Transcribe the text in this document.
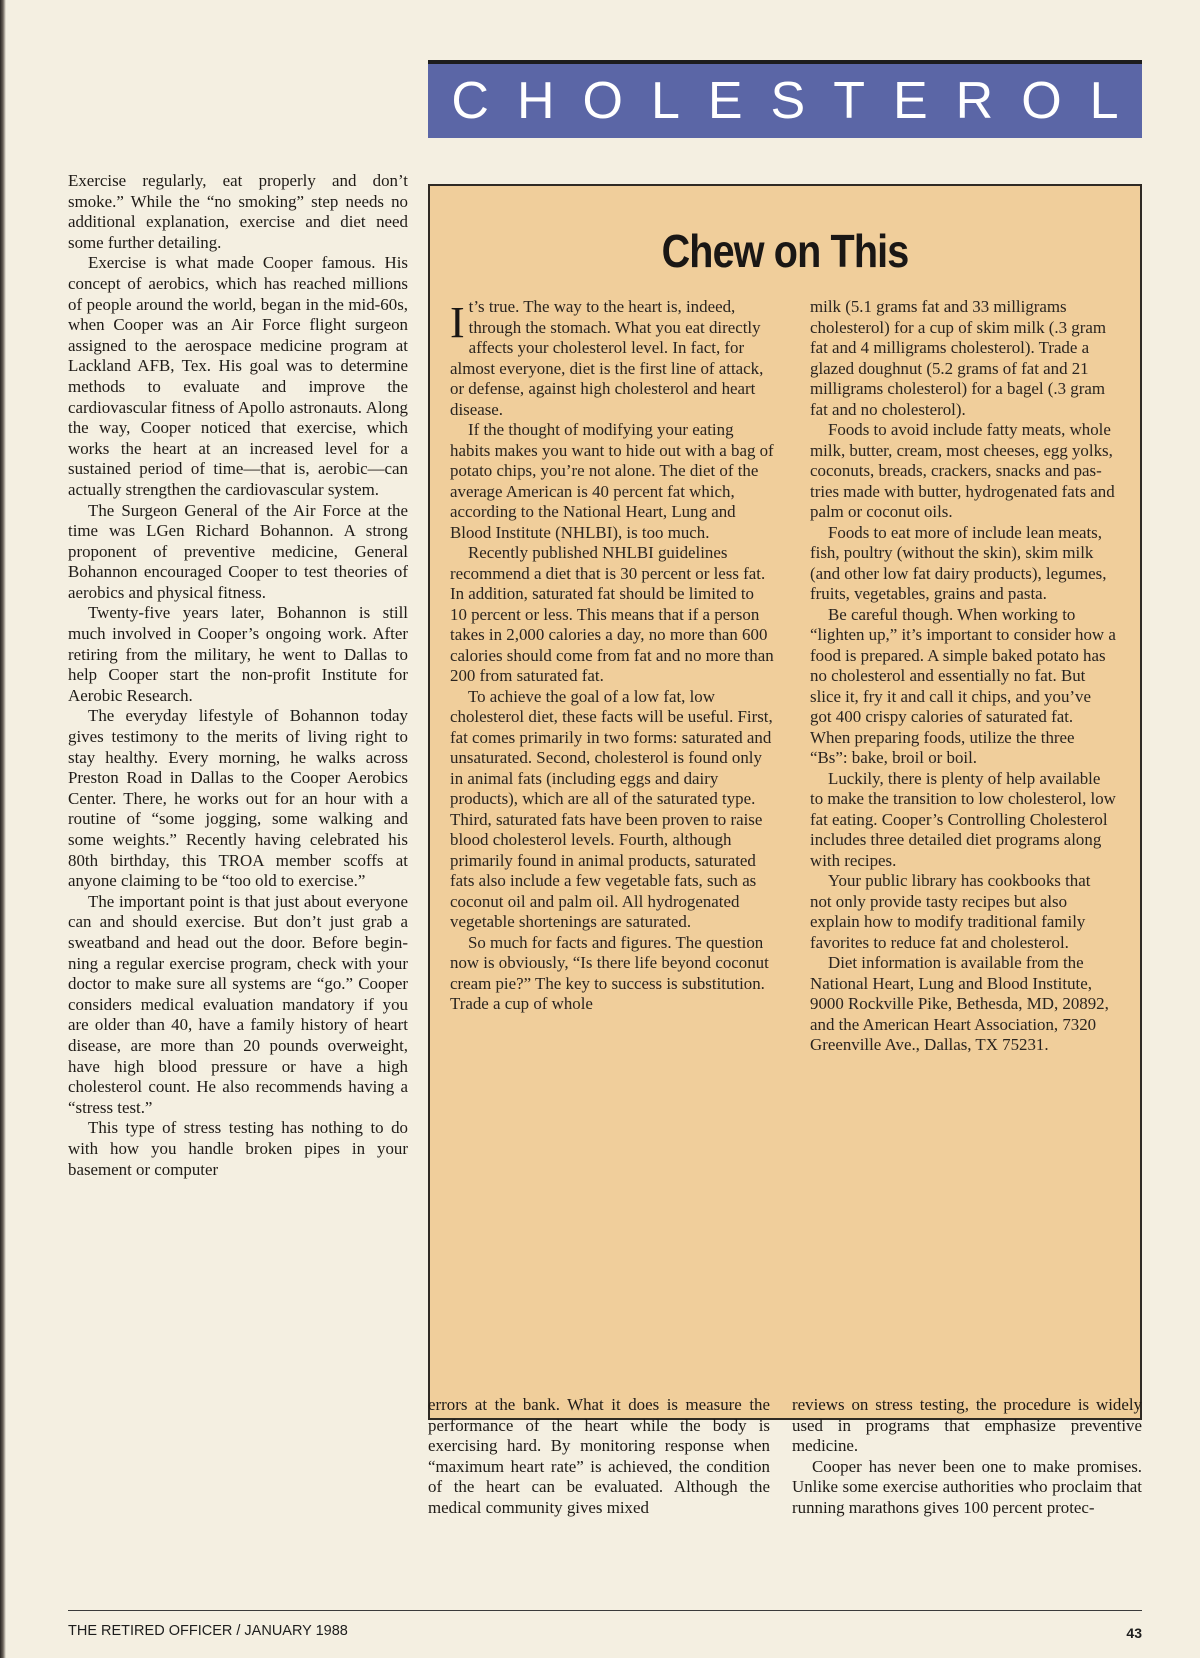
CHOLESTEROL

Exercise regularly, eat properly and don’t smoke.” While the “no smoking” step needs no additional explanation, exercise and diet need some further detailing.

Exercise is what made Cooper famous. His concept of aerobics, which has reached millions of people around the world, began in the mid-60s, when Cooper was an Air Force flight surgeon assigned to the aerospace medicine program at Lackland AFB, Tex. His goal was to determine methods to evaluate and improve the cardiovascular fitness of Apollo astronauts. Along the way, Cooper noticed that exercise, which works the heart at an increased level for a sustained period of time—that is, aerobic—can actually strengthen the cardiovascular system.

The Surgeon General of the Air Force at the time was LGen Richard Bohannon. A strong proponent of preventive medicine, General Bohannon encouraged Cooper to test theories of aerobics and physical fitness.

Twenty-five years later, Bohannon is still much involved in Cooper’s ongoing work. After retiring from the military, he went to Dallas to help Cooper start the non-profit Institute for Aerobic Research.

The everyday lifestyle of Bohannon today gives testimony to the merits of living right to stay healthy. Every morning, he walks across Preston Road in Dallas to the Cooper Aerobics Center. There, he works out for an hour with a routine of “some jogging, some walking and some weights.” Recently having celebrated his 80th birthday, this TROA member scoffs at anyone claiming to be “too old to exercise.”

The important point is that just about everyone can and should exercise. But don’t just grab a sweatband and head out the door. Before beginning a regular exercise program, check with your doctor to make sure all systems are “go.” Cooper considers medical evaluation mandatory if you are older than 40, have a family history of heart disease, are more than 20 pounds overweight, have high blood pressure or have a high cholesterol count. He also recommends having a “stress test.”

This type of stress testing has nothing to do with how you handle broken pipes in your basement or computer

Chew on This

It’s true. The way to the heart is, indeed, through the stomach. What you eat directly affects your cholesterol level. In fact, for almost everyone, diet is the first line of attack, or defense, against high cholesterol and heart disease.

If the thought of modifying your eating habits makes you want to hide out with a bag of potato chips, you’re not alone. The diet of the average American is 40 percent fat which, according to the National Heart, Lung and Blood Institute (NHLBI), is too much.

Recently published NHLBI guidelines recommend a diet that is 30 percent or less fat. In addition, saturated fat should be limited to 10 percent or less. This means that if a person takes in 2,000 calories a day, no more than 600 calories should come from fat and no more than 200 from saturated fat.

To achieve the goal of a low fat, low cholesterol diet, these facts will be useful. First, fat comes primarily in two forms: saturated and unsaturated. Second, cholesterol is found only in animal fats (including eggs and dairy products), which are all of the saturated type. Third, saturated fats have been proven to raise blood cholesterol levels. Fourth, although primarily found in animal products, saturated fats also include a few vegetable fats, such as coconut oil and palm oil. All hydrogenated vegetable shortenings are saturated.

So much for facts and figures. The question now is obviously, “Is there life beyond coconut cream pie?” The key to success is substitution. Trade a cup of whole

milk (5.1 grams fat and 33 milligrams cholesterol) for a cup of skim milk (.3 gram fat and 4 milligrams cholesterol). Trade a glazed doughnut (5.2 grams of fat and 21 milligrams cholesterol) for a bagel (.3 gram fat and no cholesterol).

Foods to avoid include fatty meats, whole milk, butter, cream, most cheeses, egg yolks, coconuts, breads, crackers, snacks and pastries made with butter, hydrogenated fats and palm or coconut oils.

Foods to eat more of include lean meats, fish, poultry (without the skin), skim milk (and other low fat dairy products), legumes, fruits, vegetables, grains and pasta.

Be careful though. When working to “lighten up,” it’s important to consider how a food is prepared. A simple baked potato has no cholesterol and essentially no fat. But slice it, fry it and call it chips, and you’ve got 400 crispy calories of saturated fat. When preparing foods, utilize the three “Bs”: bake, broil or boil.

Luckily, there is plenty of help available to make the transition to low cholesterol, low fat eating. Cooper’s Controlling Cholesterol includes three detailed diet programs along with recipes.

Your public library has cookbooks that not only provide tasty recipes but also explain how to modify traditional family favorites to reduce fat and cholesterol.

Diet information is available from the National Heart, Lung and Blood Institute, 9000 Rockville Pike, Bethesda, MD, 20892, and the American Heart Association, 7320 Greenville Ave., Dallas, TX 75231.

errors at the bank. What it does is measure the performance of the heart while the body is exercising hard. By monitoring response when “maximum heart rate” is achieved, the condition of the heart can be evaluated. Although the medical community gives mixed

reviews on stress testing, the procedure is widely used in programs that emphasize preventive medicine.

Cooper has never been one to make promises. Unlike some exercise authorities who proclaim that running marathons gives 100 percent protec-

THE RETIRED OFFICER / JANUARY 1988	43
